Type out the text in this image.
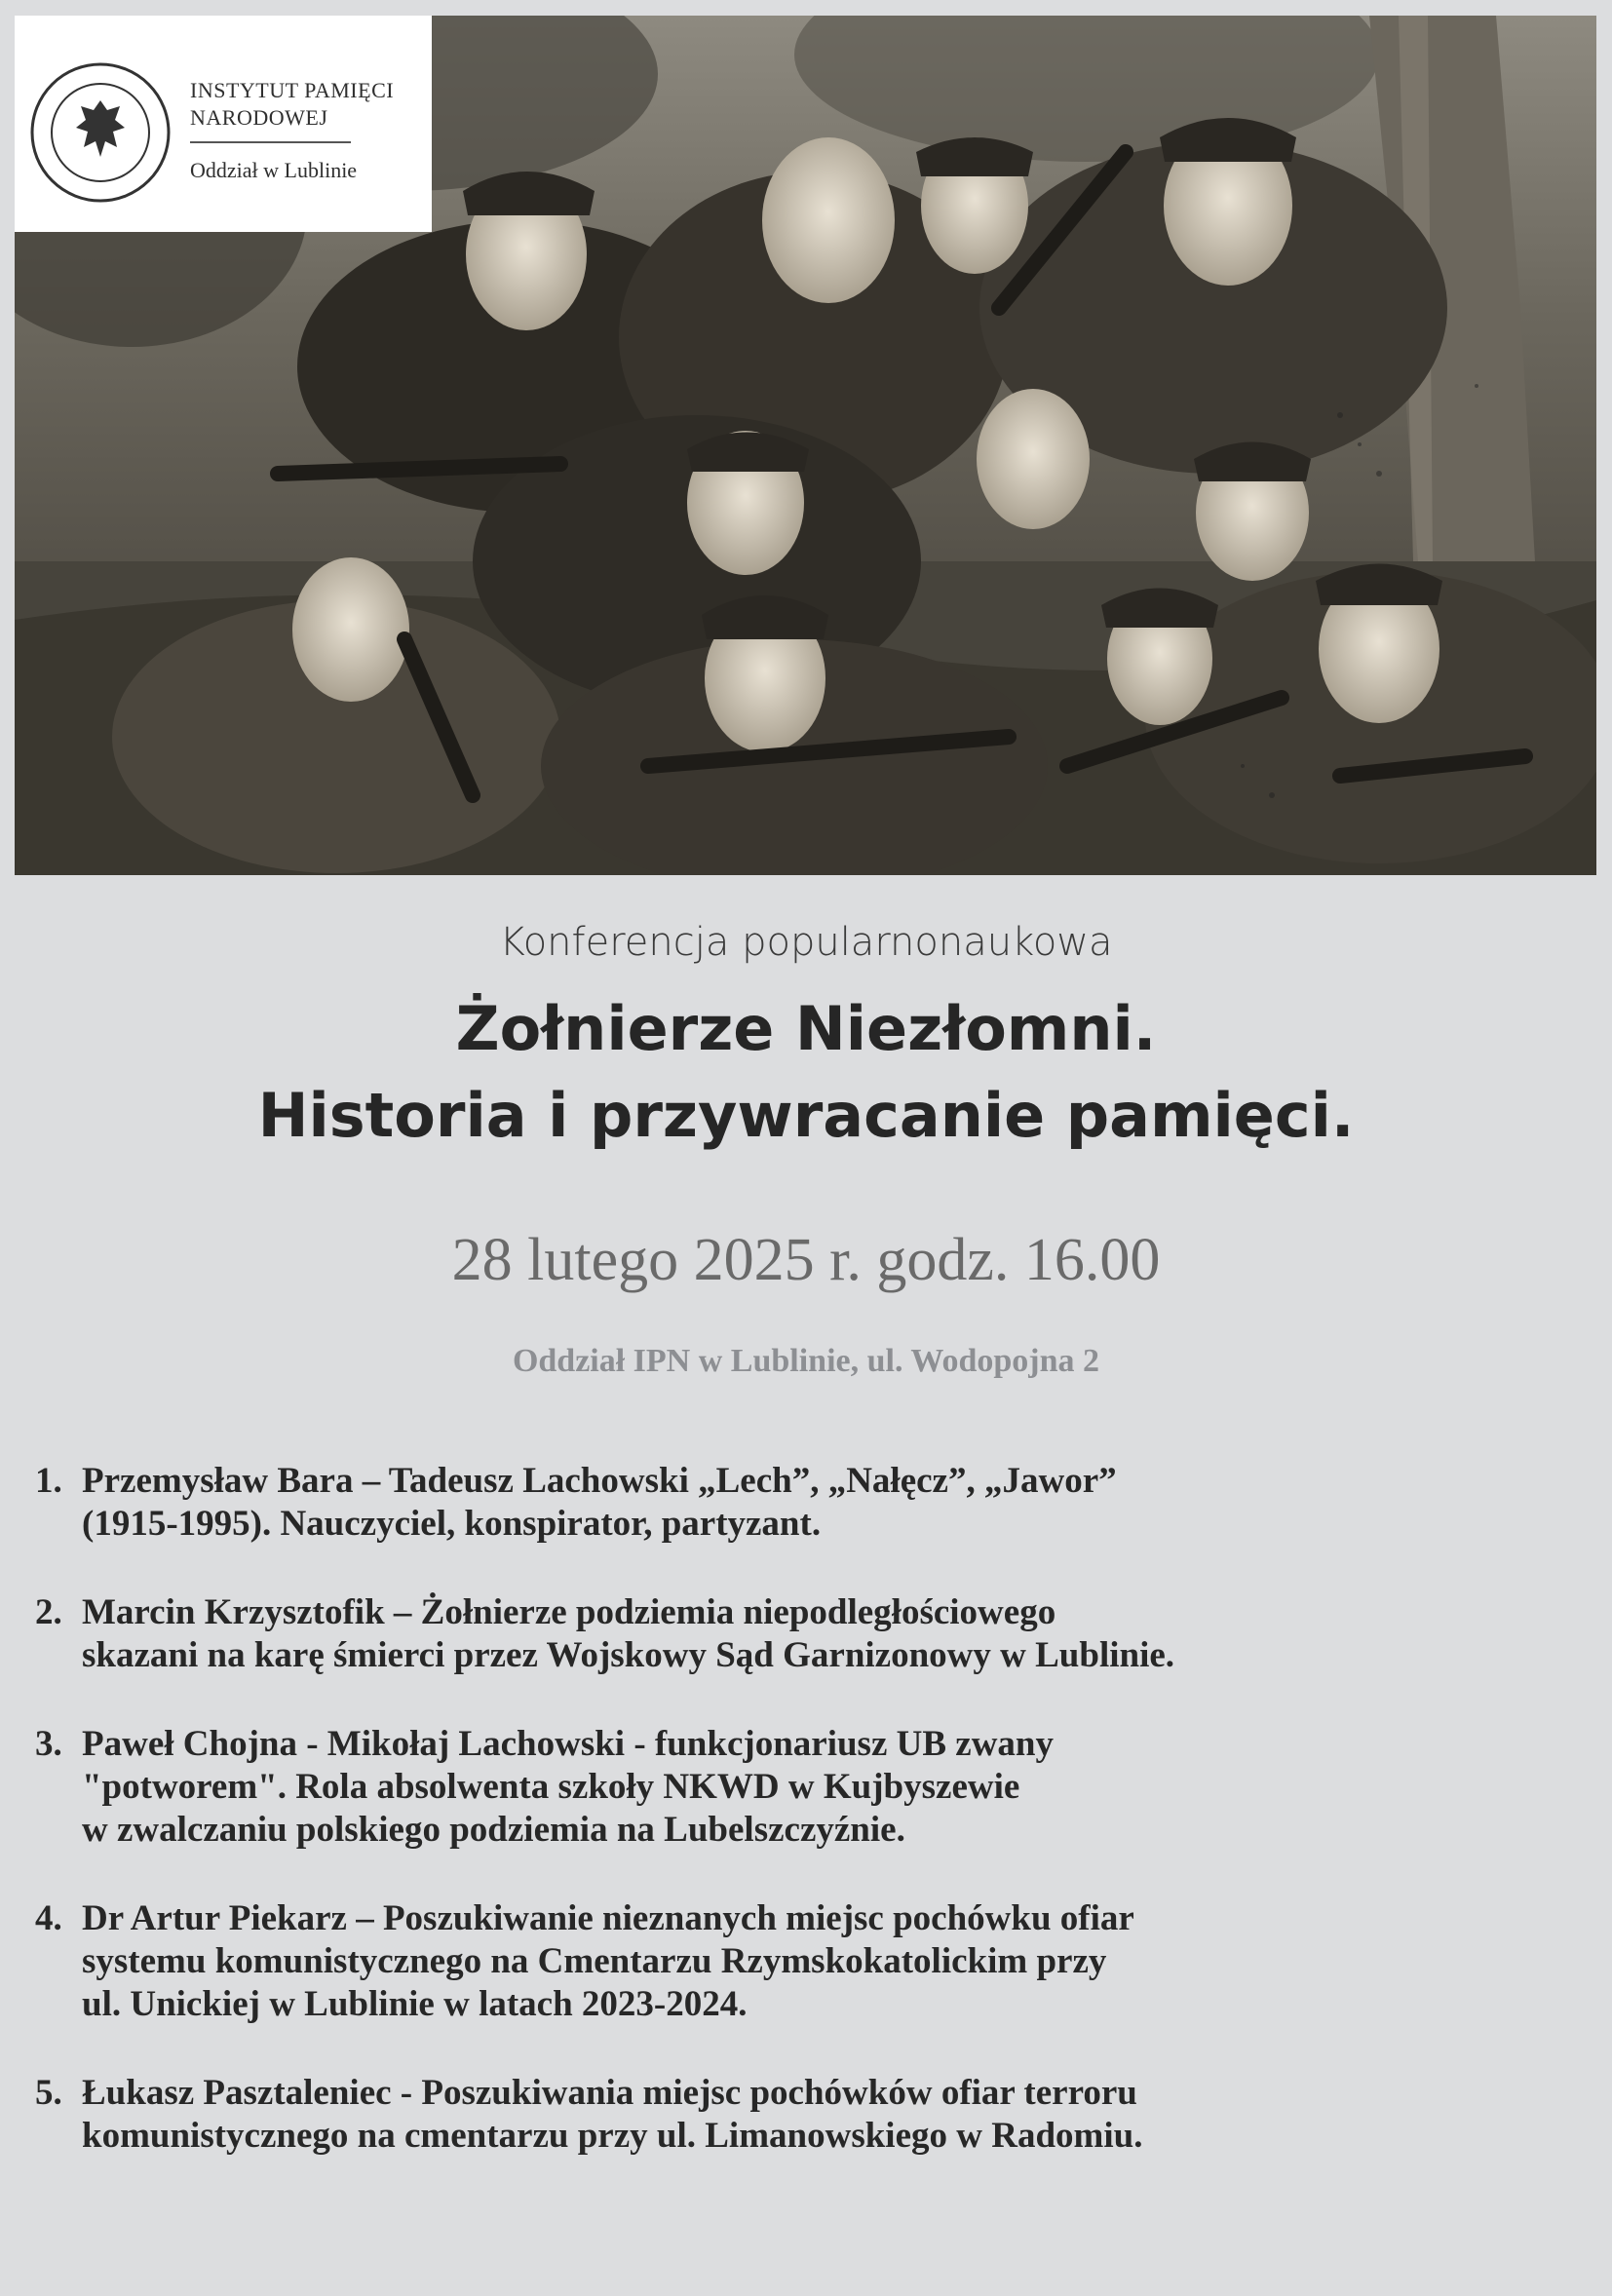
INSTYTUT PAMIĘCI
NARODOWEJ
Oddział w Lublinie
Konferencja popularnonaukowa
Żołnierze Niezłomni.
Historia i przywracanie pamięci.
28 lutego 2025 r. godz. 16.00
Oddział IPN w Lublinie, ul. Wodopojna 2
1. Przemysław Bara – Tadeusz Lachowski „Lech”, „Nałęcz”, „Jawor”
(1915-1995). Nauczyciel, konspirator, partyzant.
2. Marcin Krzysztofik – Żołnierze podziemia niepodległościowego
skazani na karę śmierci przez Wojskowy Sąd Garnizonowy w Lublinie.
3. Paweł Chojna - Mikołaj Lachowski - funkcjonariusz UB zwany
"potworem". Rola absolwenta szkoły NKWD w Kujbyszewie
w zwalczaniu polskiego podziemia na Lubelszczyźnie.
4. Dr Artur Piekarz – Poszukiwanie nieznanych miejsc pochówku ofiar
systemu komunistycznego na Cmentarzu Rzymskokatolickim przy
ul. Unickiej w Lublinie w latach 2023-2024.
5. Łukasz Pasztaleniec - Poszukiwania miejsc pochówków ofiar terroru
komunistycznego na cmentarzu przy ul. Limanowskiego w Radomiu.
